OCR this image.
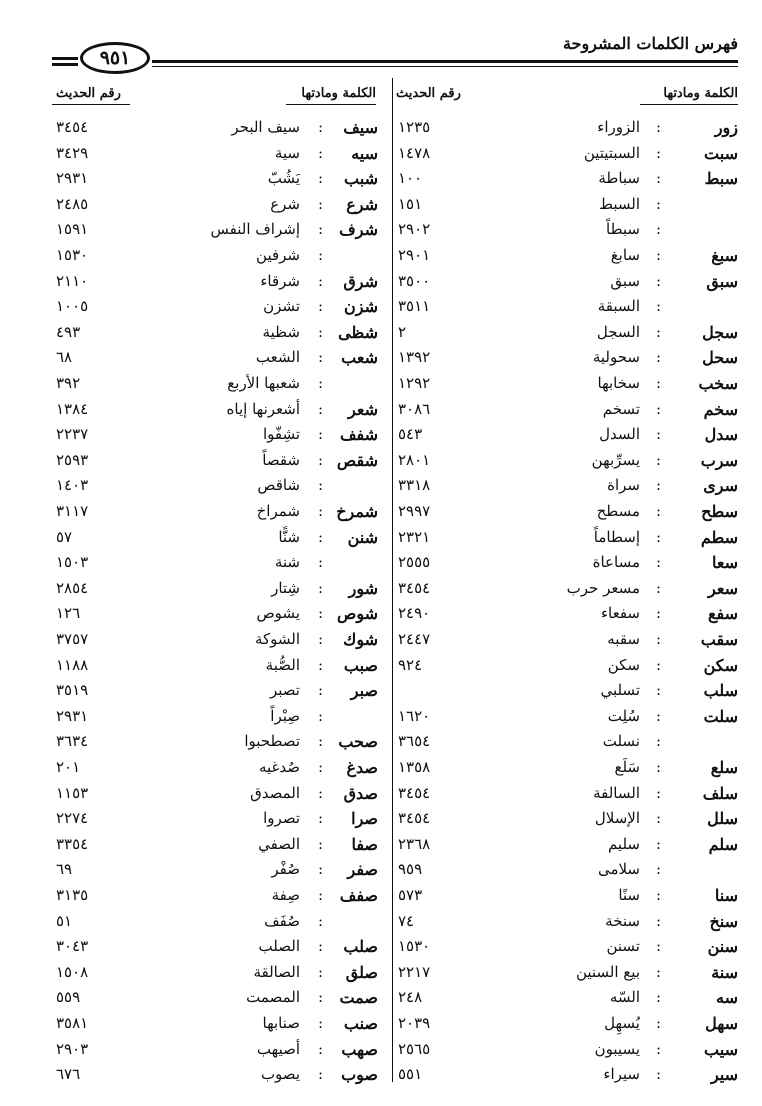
فهرس الكلمات المشروحة
٩٥١
الكلمة ومادتها
رقم الحديث
الكلمة ومادتها
رقم الحديث
زور
:
الزوراء
١٢٣٥
سبت
:
السبتيتين
١٤٧٨
سبط
:
سباطة
١٠٠
:
السبط
١٥١
:
سبطاً
٢٩٠٢
سبغ
:
سابغ
٢٩٠١
سبق
:
سبق
٣٥٠٠
:
السبقة
٣٥١١
سجل
:
السجل
٢
سحل
:
سحولية
١٣٩٢
سخب
:
سخابها
١٢٩٢
سخم
:
تسخم
٣٠٨٦
سدل
:
السدل
٥٤٣
سرب
:
يسرِّبهن
٢٨٠١
سرى
:
سراة
٣٣١٨
سطح
:
مسطح
٢٩٩٧
سطم
:
إسطاماً
٢٣٢١
سعا
:
مساعاة
٢٥٥٥
سعر
:
مسعر حرب
٣٤٥٤
سفع
:
سفعاء
٢٤٩٠
سقب
:
سقبه
٢٤٤٧
سكن
:
سكن
٩٢٤
سلب
:
تسلبي
سلت
:
سُلِت
١٦٢٠
:
نسلت
٣٦٥٤
سلع
:
سَلَع
١٣٥٨
سلف
:
السالفة
٣٤٥٤
سلل
:
الإسلال
٣٤٥٤
سلم
:
سليم
٢٣٦٨
:
سلامى
٩٥٩
سنا
:
سنًا
٥٧٣
سنخ
:
سنخة
٧٤
سنن
:
تسنن
١٥٣٠
سنة
:
بيع السنين
٢٢١٧
سه
:
السّه
٢٤٨
سهل
:
يُسهِل
٢٠٣٩
سيب
:
يسيبون
٢٥٦٥
سير
:
سيراء
٥٥١
سيف
:
سيف البحر
٣٤٥٤
سيه
:
سية
٣٤٢٩
شبب
:
يَشُبّ
٢٩٣١
شرع
:
شرع
٢٤٨٥
شرف
:
إشراف النفس
١٥٩١
:
شرفين
١٥٣٠
شرق
:
شرقاء
٢١١٠
شزن
:
تشزن
١٠٠٥
شظى
:
شظية
٤٩٣
شعب
:
الشعب
٦٨
:
شعبها الأربع
٣٩٢
شعر
:
أشعرنها إياه
١٣٨٤
شفف
:
تشِفّوا
٢٢٣٧
شقص
:
شقصاً
٢٥٩٣
:
شاقص
١٤٠٣
شمرخ
:
شمراخ
٣١١٧
شنن
:
شنًّا
٥٧
:
شنة
١٥٠٣
شور
:
شِتار
٢٨٥٤
شوص
:
يشوص
١٢٦
شوك
:
الشوكة
٣٧٥٧
صبب
:
الصُّبة
١١٨٨
صبر
:
تصبر
٣٥١٩
:
صِبْراً
٢٩٣١
صحب
:
تصطحبوا
٣٦٣٤
صدغ
:
صُدغيه
٢٠١
صدق
:
المصدق
١١٥٣
صرا
:
تصروا
٢٢٧٤
صفا
:
الصفي
٣٣٥٤
صفر
:
صُفْر
٦٩
صفف
:
صِفة
٣١٣٥
:
صُفَف
٥١
صلب
:
الصلب
٣٠٤٣
صلق
:
الصالقة
١٥٠٨
صمت
:
المصمت
٥٥٩
صنب
:
صنابها
٣٥٨١
صهب
:
أصيهب
٢٩٠٣
صوب
:
يصوب
٦٧٦
